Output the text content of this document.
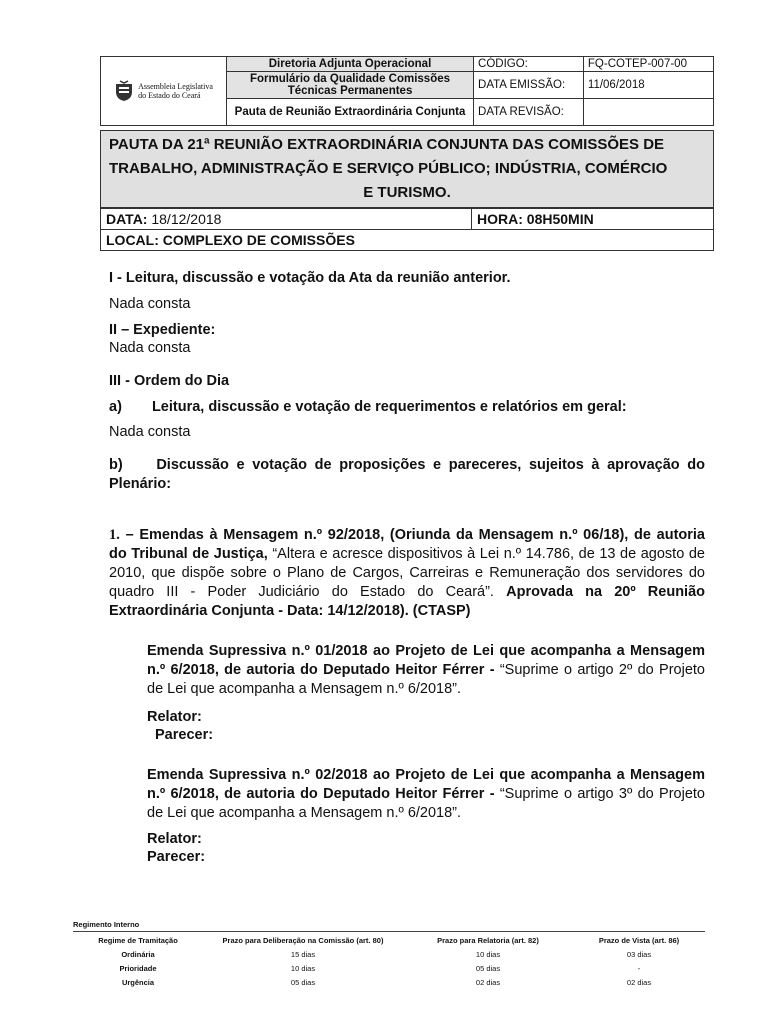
Assembleia Legislativa
do Estado do Ceará	Diretoria Adjunta Operacional	CÓDIGO:	FQ-COTEP-007-00
	Formulário da Qualidade Comissões Técnicas Permanentes	DATA EMISSÃO:	11/06/2018
	Pauta de Reunião Extraordinária Conjunta	DATA REVISÃO:	
PAUTA DA 21ª REUNIÃO EXTRAORDINÁRIA CONJUNTA DAS COMISSÕES DE
TRABALHO, ADMINISTRAÇÃO E SERVIÇO PÚBLICO; INDÚSTRIA, COMÉRCIO
E TURISMO.
DATA: 18/12/2018	HORA: 08H50MIN
LOCAL: COMPLEXO DE COMISSÕES
I - Leitura, discussão e votação da Ata da reunião anterior.
Nada consta
II – Expediente:
Nada consta
III - Ordem do Dia
a) Leitura, discussão e votação de requerimentos e relatórios em geral:
Nada consta
b) Discussão e votação de proposições e pareceres, sujeitos à aprovação do Plenário:
1. – Emendas à Mensagem n.º 92/2018, (Oriunda da Mensagem n.º 06/18), de autoria do Tribunal de Justiça, “Altera e acresce dispositivos à Lei n.º 14.786, de 13 de agosto de 2010, que dispõe sobre o Plano de Cargos, Carreiras e Remuneração dos servidores do quadro III - Poder Judiciário do Estado do Ceará”. Aprovada na 20º Reunião Extraordinária Conjunta - Data: 14/12/2018). (CTASP)
Emenda Supressiva n.º 01/2018 ao Projeto de Lei que acompanha a Mensagem n.º 6/2018, de autoria do Deputado Heitor Férrer - “Suprime o artigo 2º do Projeto de Lei que acompanha a Mensagem n.º 6/2018”.
Relator:
Parecer:
Emenda Supressiva n.º 02/2018 ao Projeto de Lei que acompanha a Mensagem n.º 6/2018, de autoria do Deputado Heitor Férrer - “Suprime o artigo 3º do Projeto de Lei que acompanha a Mensagem n.º 6/2018”.
Relator:
Parecer:
Regimento Interno
Regime de Tramitação	Prazo para Deliberação na Comissão (art. 80)	Prazo para Relatoria (art. 82)	Prazo de Vista (art. 86)
Ordinária	15 dias	10 dias	03 dias
Prioridade	10 dias	05 dias	-
Urgência	05 dias	02 dias	02 dias
